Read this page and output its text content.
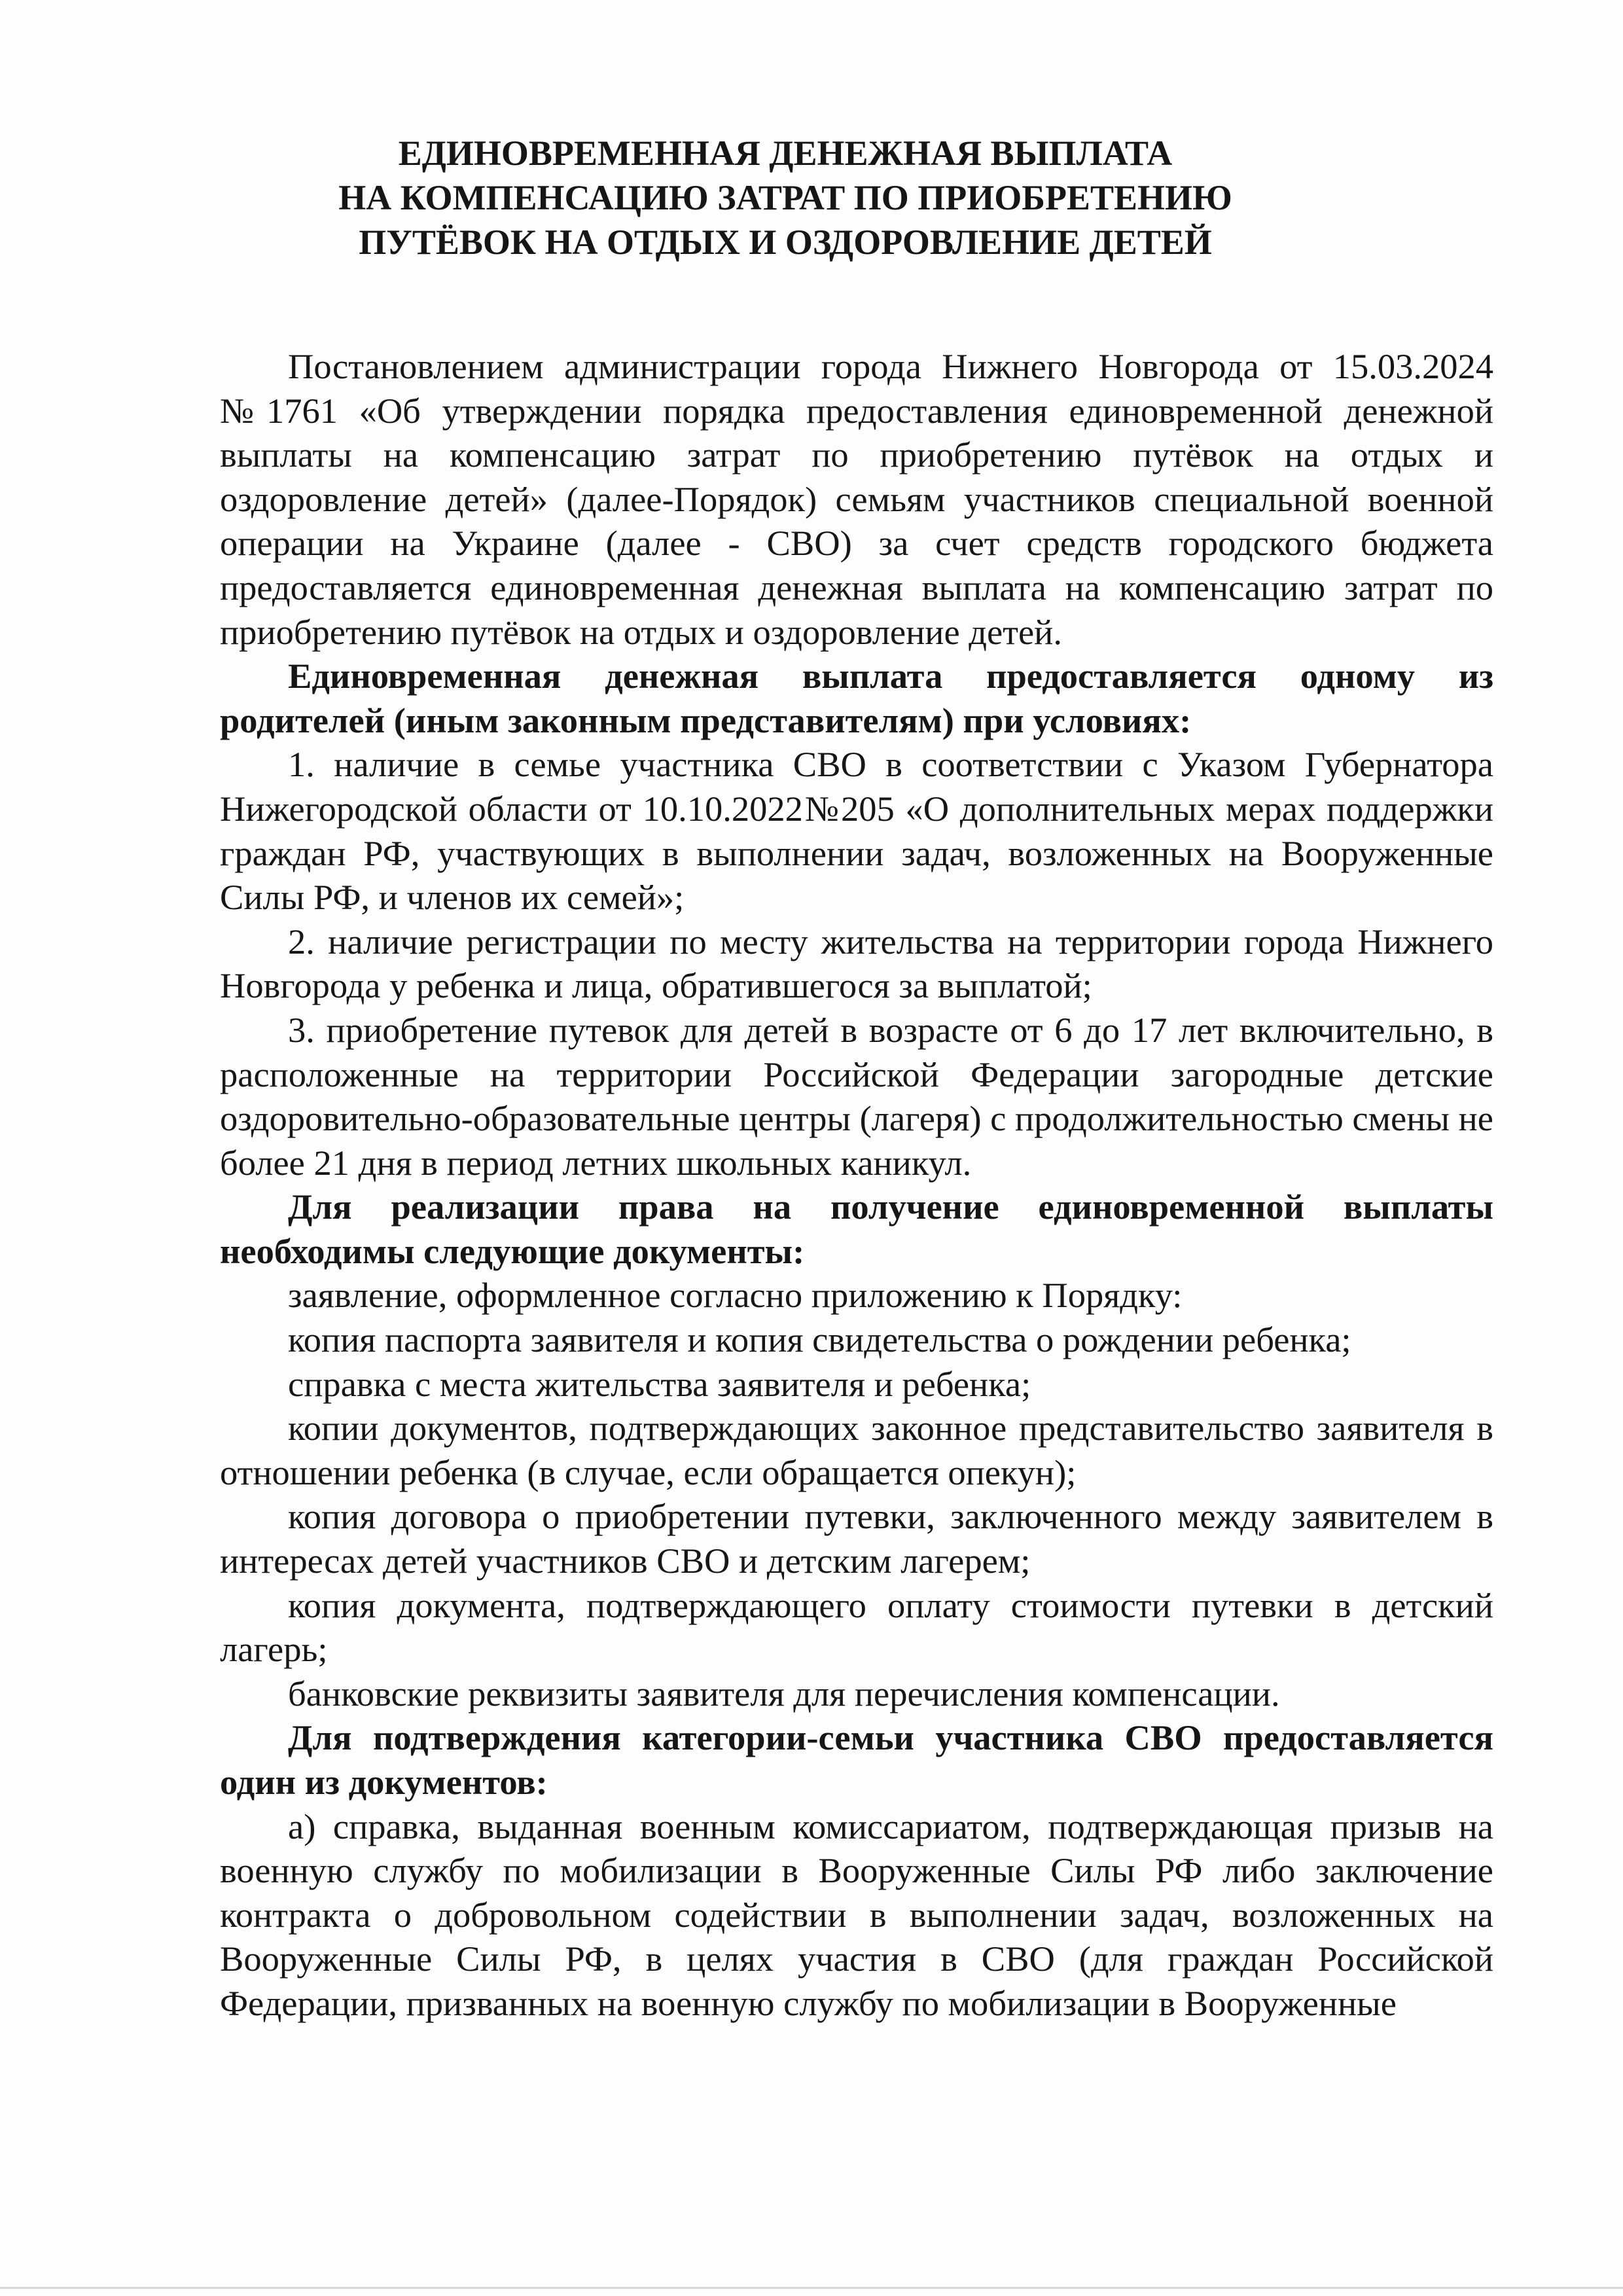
ЕДИНОВРЕМЕННАЯ ДЕНЕЖНАЯ ВЫПЛАТА
НА КОМПЕНСАЦИЮ ЗАТРАТ ПО ПРИОБРЕТЕНИЮ
ПУТЁВОК НА ОТДЫХ И ОЗДОРОВЛЕНИЕ ДЕТЕЙ

Постановлением администрации города Нижнего Новгорода от 15.03.2024 №1761 «Об утверждении порядка предоставления единовременной денежной выплаты на компенсацию затрат по приобретению путёвок на отдых и оздоровление детей» (далее-Порядок) семьям участников специальной военной операции на Украине (далее - СВО) за счет средств городского бюджета предоставляется единовременная денежная выплата на компенсацию затрат по приобретению путёвок на отдых и оздоровление детей.

Единовременная денежная выплата предоставляется одному из родителей (иным законным представителям) при условиях:

1. наличие в семье участника СВО в соответствии с Указом Губернатора Нижегородской области от 10.10.2022№205 «О дополнительных мерах поддержки граждан РФ, участвующих в выполнении задач, возложенных на Вооруженные Силы РФ, и членов их семей»;

2. наличие регистрации по месту жительства на территории города Нижнего Новгорода у ребенка и лица, обратившегося за выплатой;

3. приобретение путевок для детей в возрасте от 6 до 17 лет включительно, в расположенные на территории Российской Федерации загородные детские оздоровительно-образовательные центры (лагеря) с продолжительностью смены не более 21 дня в период летних школьных каникул.

Для реализации права на получение единовременной выплаты необходимы следующие документы:

заявление, оформленное согласно приложению к Порядку:

копия паспорта заявителя и копия свидетельства о рождении ребенка;

справка с места жительства заявителя и ребенка;

копии документов, подтверждающих законное представительство заявителя в отношении ребенка (в случае, если обращается опекун);

копия договора о приобретении путевки, заключенного между заявителем в интересах детей участников СВО и детским лагерем;

копия документа, подтверждающего оплату стоимости путевки в детский лагерь;

банковские реквизиты заявителя для перечисления компенсации.

Для подтверждения категории-семьи участника СВО предоставляется один из документов:

а) справка, выданная военным комиссариатом, подтверждающая призыв на военную службу по мобилизации в Вооруженные Силы РФ либо заключение контракта о добровольном содействии в выполнении задач, возложенных на Вооруженные Силы РФ, в целях участия в СВО (для граждан Российской Федерации, призванных на военную службу по мобилизации в Вооруженные
